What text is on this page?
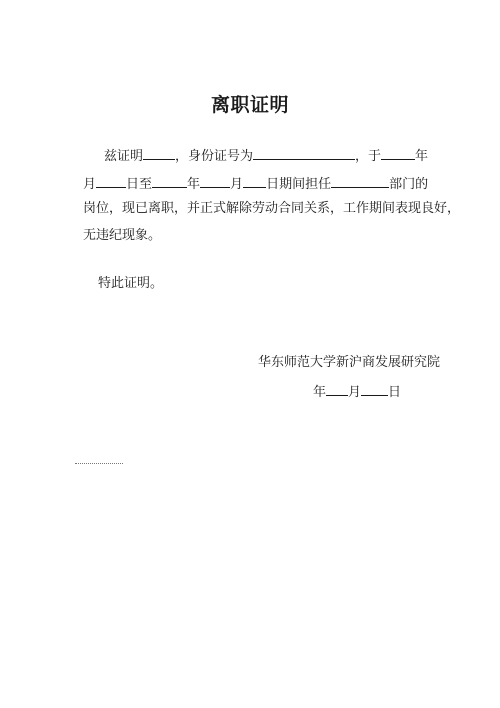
离职证明
兹证明 ，身份证号为	，于	年
月 日至	年 月 日期间担任	部门的
岗位，现已离职，并正式解除劳动合同关系，工作期间表现良好，
无违纪现象。
特此证明。
华东师范大学新沪商发展研究院
年 月 日
